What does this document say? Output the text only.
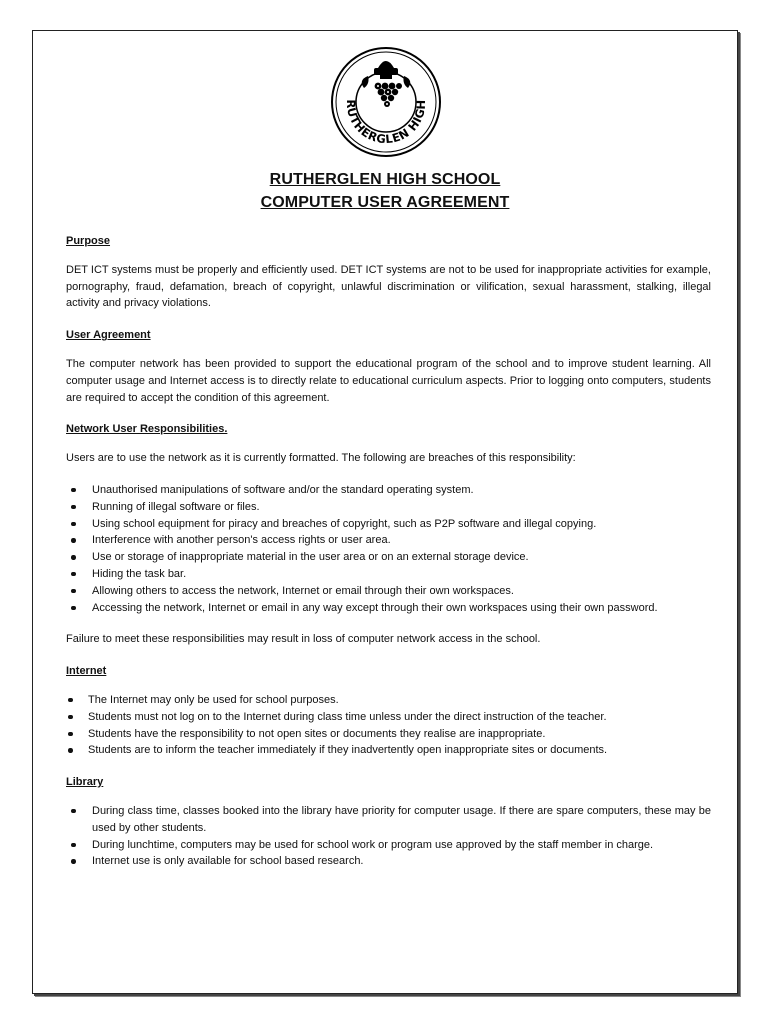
RUTHERGLEN HIGH
RUTHERGLEN HIGH SCHOOL
COMPUTER USER AGREEMENT
Purpose

DET ICT systems must be properly and efficiently used. DET ICT systems are not to be used for inappropriate activities for example, pornography, fraud, defamation, breach of copyright, unlawful discrimination or vilification, sexual harassment, stalking, illegal activity and privacy violations.

User Agreement

The computer network has been provided to support the educational program of the school and to improve student learning. All computer usage and Internet access is to directly relate to educational curriculum aspects. Prior to logging onto computers, students are required to accept the condition of this agreement.

Network User Responsibilities.

Users are to use the network as it is currently formatted. The following are breaches of this responsibility:

Unauthorised manipulations of software and/or the standard operating system.
Running of illegal software or files.
Using school equipment for piracy and breaches of copyright, such as P2P software and illegal copying.
Interference with another person's access rights or user area.
Use or storage of inappropriate material in the user area or on an external storage device.
Hiding the task bar.
Allowing others to access the network, Internet or email through their own workspaces.
Accessing the network, Internet or email in any way except through their own workspaces using their own password.

Failure to meet these responsibilities may result in loss of computer network access in the school.

Internet
The Internet may only be used for school purposes.
Students must not log on to the Internet during class time unless under the direct instruction of the teacher.
Students have the responsibility to not open sites or documents they realise are inappropriate.
Students are to inform the teacher immediately if they inadvertently open inappropriate sites or documents.
Library
During class time, classes booked into the library have priority for computer usage. If there are spare computers, these may be used by other students.
During lunchtime, computers may be used for school work or program use approved by the staff member in charge.
Internet use is only available for school based research.
